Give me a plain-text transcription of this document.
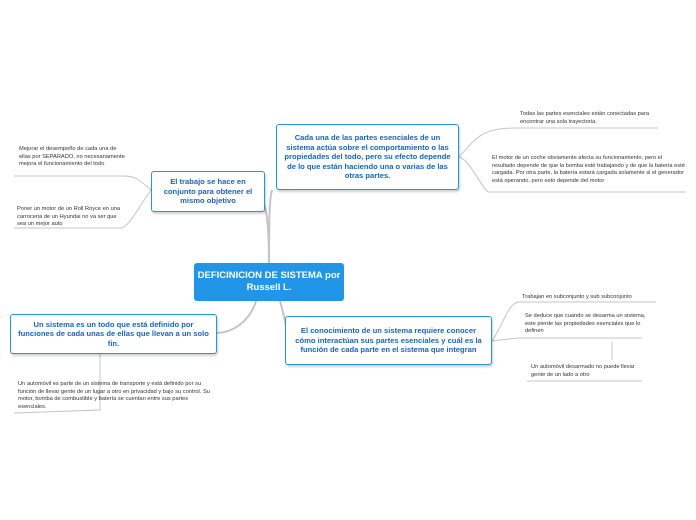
DEFICINICION DE SISTEMA por Russell L.
Cada una de las partes esenciales de un sistema actúa sobre el comportamiento o las propiedades del todo, pero su efecto depende de lo que están haciendo una o varias de las otras partes.
El trabajo se hace en conjunto para obtener el mismo objetivo
Un sistema es un todo que está definido por funciones de cada unas de ellas que llevan a un solo fin.
El conocimiento de un sistema requiere conocer cómo interactúan sus partes esenciales y cuál es la función de cada parte en el sistema que integran
Todas las partes esenciales están conectadas para encontrar una sola trayectoria.
El motor de un coche obviamente afecta su funcionamiento, pero el resultado depende de que la bomba esté trabajando y de que la batería esté cargada. Por otra parte, la batería estará cargada solamente si el generador está operando, pero esto depende del motor
Mejorar el desempeño de cada una de ellas por SEPARADO, no necesariamente mejora el funcionamiento del todo
Poner un motor de un Roll Royce en una carroceria de un Hyundai no va ser que sea un mejor auto
Un automóvil es parte de un sistema de transporte y está definido por su función de llevar gente de un lugar a otro en privacidad y bajo su control. Su motor, bomba de combustible y batería se cuentan entre sus partes esenciales.
Trabajan en subconjunto y sub subconjunto
Se deduce que cuando se desarma un sistema, este pierde las propiedades esenciales que lo definen
Un automóvil desarmado no puede llevar gente de un lado a otro
